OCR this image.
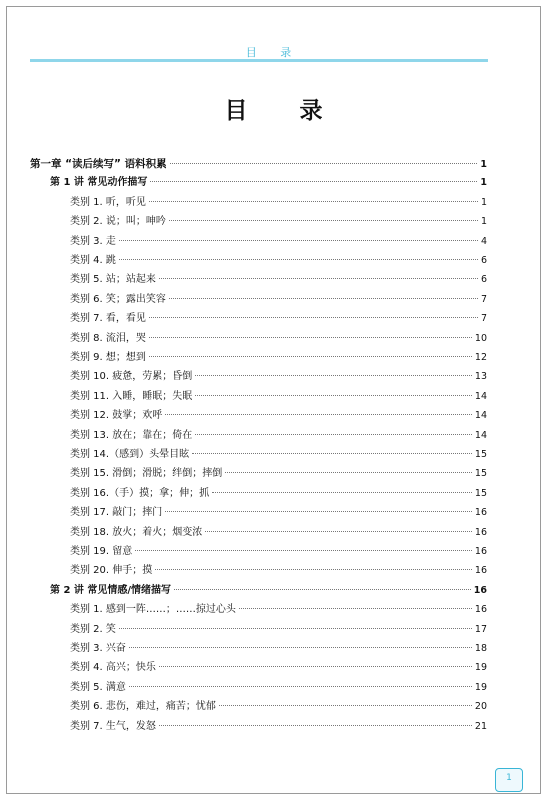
目 录
目 录
第一章 “读后续写” 语料积累	1
第 1 讲 常见动作描写	1
类别 1. 听，听见	1
类别 2. 说；叫；呻吟	1
类别 3. 走	4
类别 4. 跳	6
类别 5. 站；站起来	6
类别 6. 笑；露出笑容	7
类别 7. 看，看见	7
类别 8. 流泪，哭	10
类别 9. 想；想到	12
类别 10. 疲惫，劳累；昏倒	13
类别 11. 入睡，睡眠；失眠	14
类别 12. 鼓掌；欢呼	14
类别 13. 放在；靠在；倚在	14
类别 14.（感到）头晕目眩	15
类别 15. 滑倒；滑脱；绊倒；摔倒	15
类别 16.（手）摸；拿；伸；抓	15
类别 17. 敲门；摔门	16
类别 18. 放火；着火；烟变浓	16
类别 19. 留意	16
类别 20. 伸手；摸	16
第 2 讲 常见情感/情绪描写	16
类别 1. 感到一阵……；……掠过心头	16
类别 2. 笑	17
类别 3. 兴奋	18
类别 4. 高兴；快乐	19
类别 5. 满意	19
类别 6. 悲伤，难过，痛苦；忧郁	20
类别 7. 生气，发怒	21
1
